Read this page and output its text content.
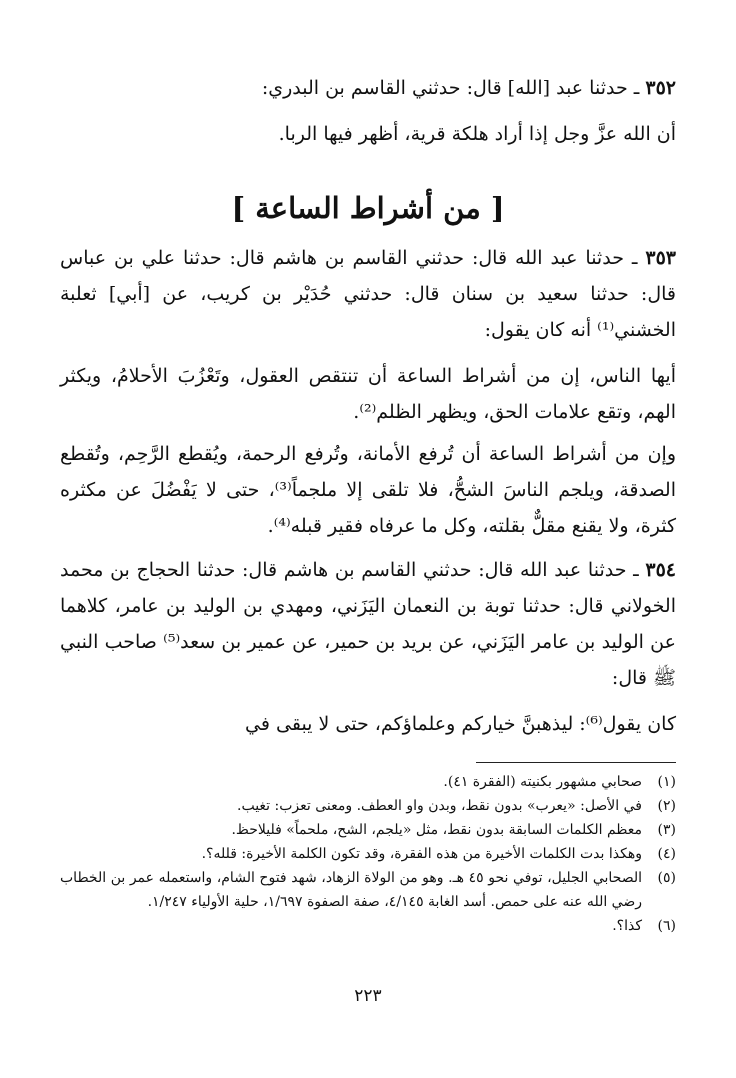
٣٥٢ ـ حدثنا عبد [الله] قال: حدثني القاسم بن البدري:

أن الله عزَّ وجل إذا أراد هلكة قرية، أظهر فيها الربا.

[ من أشراط الساعة ]

٣٥٣ ـ حدثنا عبد الله قال: حدثني القاسم بن هاشم قال: حدثنا علي بن عباس قال: حدثنا سعيد بن سنان قال: حدثني حُدَيْر بن كريب، عن [أبي] ثعلبة الخشني⁽¹⁾ أنه كان يقول:

أيها الناس، إن من أشراط الساعة أن تنتقص العقول، وتَعْزُبَ الأحلامُ، ويكثر الهم، وتقع علامات الحق، ويظهر الظلم⁽²⁾.

وإن من أشراط الساعة أن تُرفع الأمانة، وتُرفع الرحمة، ويُقطع الرَّحِم، وتُقطع الصدقة، ويلجم الناسَ الشحُّ، فلا تلقى إلا ملجماً⁽³⁾، حتى لا يَفْضُلَ عن مكثره كثرة، ولا يقنع مقلٌّ بقلته، وكل ما عرفاه فقير قبله⁽⁴⁾.

٣٥٤ ـ حدثنا عبد الله قال: حدثني القاسم بن هاشم قال: حدثنا الحجاج بن محمد الخولاني قال: حدثنا توبة بن النعمان اليَزَني، ومهدي بن الوليد بن عامر، كلاهما عن الوليد بن عامر اليَزَني، عن بريد بن حمير، عن عمير بن سعد⁽⁵⁾ صاحب النبي ﷺ قال:

كان يقول⁽⁶⁾: ليذهبنَّ خياركم وعلماؤكم، حتى لا يبقى في

(١)
صحابي مشهور بكنيته (الفقرة ٤١).
(٢)
في الأصل: «يعرب» بدون نقط، وبدن واو العطف. ومعنى تعزب: تغيب.
(٣)
معظم الكلمات السابقة بدون نقط، مثل «يلجم، الشح، ملحماً» فليلاحظ.
(٤)
وهكذا بدت الكلمات الأخيرة من هذه الفقرة، وقد تكون الكلمة الأخيرة: قلله؟.
(٥)
الصحابي الجليل، توفي نحو ٤٥ هـ. وهو من الولاة الزهاد، شهد فتوح الشام، واستعمله عمر بن الخطاب رضي الله عنه على حمص. أسد الغابة ٤/١٤٥، صفة الصفوة ١/٦٩٧، حلية الأولياء ١/٢٤٧.
(٦)
كذا؟.
٢٢٣
